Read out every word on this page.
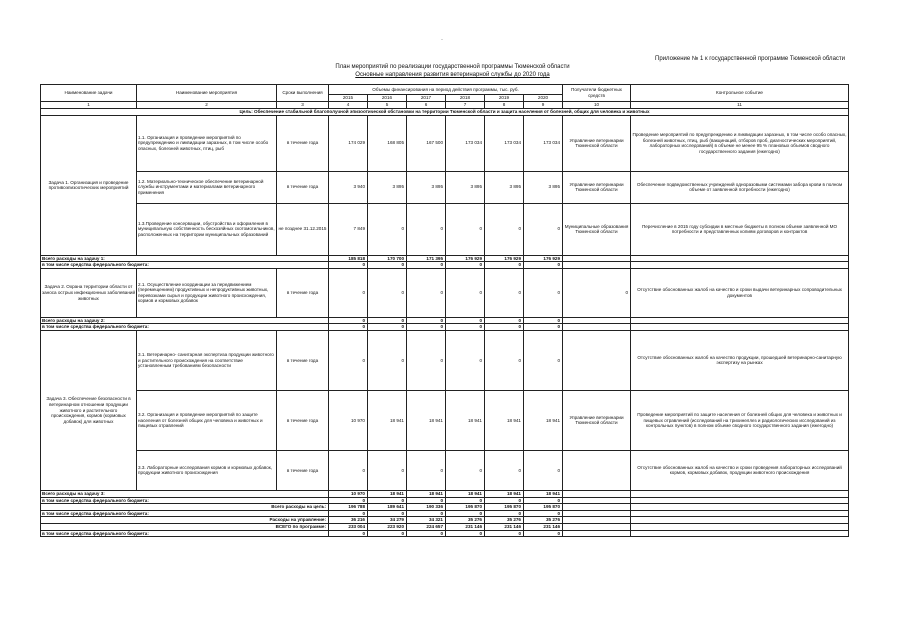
·
Приложение № 1 к государственной программе Тюменской области
План мероприятий по реализации государственной программы Тюменской области
Основные направления развития ветеринарной службы до 2020 года
Наименование задачи	Наименование мероприятия	Сроки выполнения	Объемы финансирования на период действия программы, тыс. руб.						Получатели бюджетных средств	Контрольное событие
			2015	2016	2017	2018	2019	2020		
1	2	3	4	5	6	7	8	9	10	11
Цель: Обеспечение стабильной благополучной эпизоотической обстановки на территории Тюменской области и защита населения от болезней, общих для человека и животных										
Задача 1. Организация и проведение противоэпизоотических мероприятий	1.1. Организация и проведение мероприятий по предупреждению и ликвидации заразных, в том числе особо опасных, болезней животных, птиц, рыб	в течение года	174 029	168 805	167 500	173 034	173 034	173 034	Управление ветеринарии Тюменской области	Проведение мероприятий по предупреждению и ликвидации заразных, в том числе особо опасных, болезней животных, птиц, рыб (вакцинаций, отборов проб, диагностических мероприятий, лабораторных исследований) в объеме не менее 95 % плановых объемов сводного государственного задания (ежегодно)
	1.2. Материально-техническое обеспечение ветеринарной службы инструментами и материалами ветеринарного применения	в течение года	3 940	3 895	3 895	3 895	3 895	3 895	Управление ветеринарии Тюменской области	Обеспечение подведомственных учреждений одноразовыми системами забора крови в полном объеме от заявленной потребности (ежегодно)
	1.3.Проведение консервации, обустройства и оформления в муниципальную собственность бесхозяйных скотомогильников, расположенных на территории муниципальных образований	не позднее 31.12.2015	7 849	0	0	0	0	0	Муниципальные образования Тюменской области	Перечисление в 2015 году субсидии в местные бюджеты в полном объеме заявленной МО потребности и представленных копиям договоров и контрактов
Всего расходы на задачу 1:			185 818	170 700	171 395	176 929	176 929	176 929		
в том числе средства федерального бюджета:			0	0	0	0	0	0		
Задача 2. Охрана территории области от заноса острых инфекционных заболеваний животных	2.1. Осуществление координации за передвижением (перемещением) продуктивных и непродуктивных животных, перевозками сырья и продукции животного происхождения, кормов и кормовых добавок	в течение года	0	0	0	0	0	0	0	Отсутствие обоснованных жалоб на качество и сроки выдачи ветеринарных сопроводительных документов
Всего расходы на задачу 2:			0	0	0	0	0	0		
в том числе средства федерального бюджета:			0	0	0	0	0	0		
Задача 3. Обеспечение безопасности в ветеринарном отношении продукции животного и растительного происхождения, кормов (кормовых добавок) для животных	3.1. Ветеринарно- санитарная экспертиза продукции животного и растительного происхождения на соответствие установленным требованиям безопасности	в течение года	0	0	0	0	0	0		Отсутствие обоснованных жалоб на качество продукции, прошедшей ветеринарно-санитарную экспертизу на рынках
	3.2. Организация и проведение мероприятий по защите населения от болезней общих для человека и животных и пищевых отравлений	в течение года	10 970	18 941	18 941	18 941	18 941	18 941	Управление ветеринарии Тюменской области	Проведение мероприятий по защите населения от болезней общих для человека и животных и пищевых отравлений (исследований на трихинеллез и радиологических исследований из контрольных пунктов) в полном объеме сводного государственного задания (ежегодно)
	3.3. Лабораторные исследования кормов и кормовых добавок, продукции животного происхождения	в течение года	0	0	0	0	0	0		Отсутствие обоснованных жалоб на качество и сроки проведения лабораторных исследований кормов, кормовых добавок, продукции животного происхождения
Всего расходы на задачу 3:			10 970	18 941	18 941	18 941	18 941	18 941		
в том числе средства федерального бюджета:			0	0	0	0	0	0		
Всего расходы на цель:			196 788	189 641	190 336	195 870	195 870	195 870		
в том числе средства федерального бюджета:			0	0	0	0	0	0		
Расходы на управление:			36 216	34 279	34 321	35 276	35 276	35 276		
ВСЕГО по программе:			233 004	223 920	224 657	231 146	231 146	231 146		
в том числе средства федерального бюджета:			0	0	0	0	0	0		
